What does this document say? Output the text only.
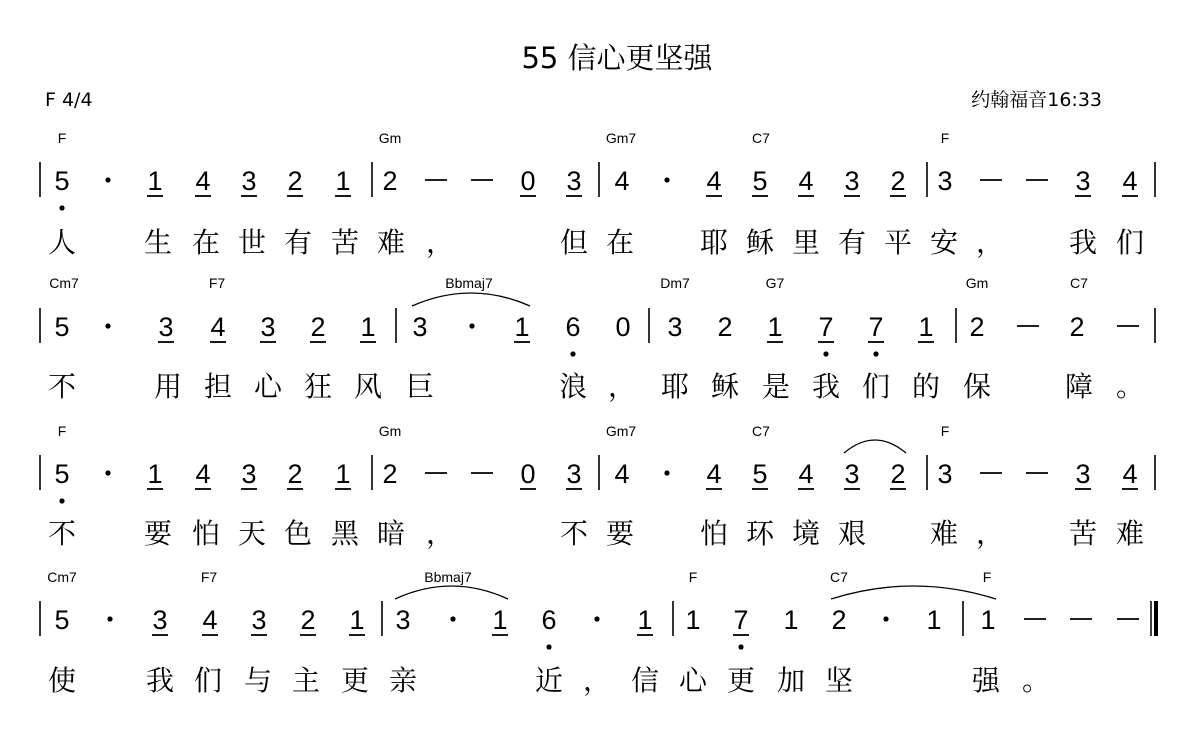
55 信心更坚强
F 4/4	约翰福音16:33
F	Gm	Gm7	C7	F
5	1 4 3 2 1 2	0 3 4	4 5 4 3 2 3	3 4
人 生 在 世 有 苦 难 ，	但 在 耶 稣 里 有 平 安 ， 我 们
Cm7	F7	Bbmaj7	Dm7	G7	Gm	C7
5	3 4 3 2 1 3	1 6 0 3 2 1 7 7 1 2	2
不	用 担 心 狂 风 巨	浪 ， 耶 稣 是 我 们 的 保	障 。
F	Gm	Gm7	C7	F
5	1 4 3 2 1 2	0 3 4	4 5 4 3 2 3	3 4
不 要 怕 天 色 黑 暗 ，	不 要 怕 环 境 艰 难 ， 苦 难
Cm7	F7	Bbmaj7	F	C7	F
5	3 4 3 2 1 3	1 6	1 1 7 1 2	1 1
使 我 们 与 主 更 亲	近 ， 信 心 更 加 坚	强 。
